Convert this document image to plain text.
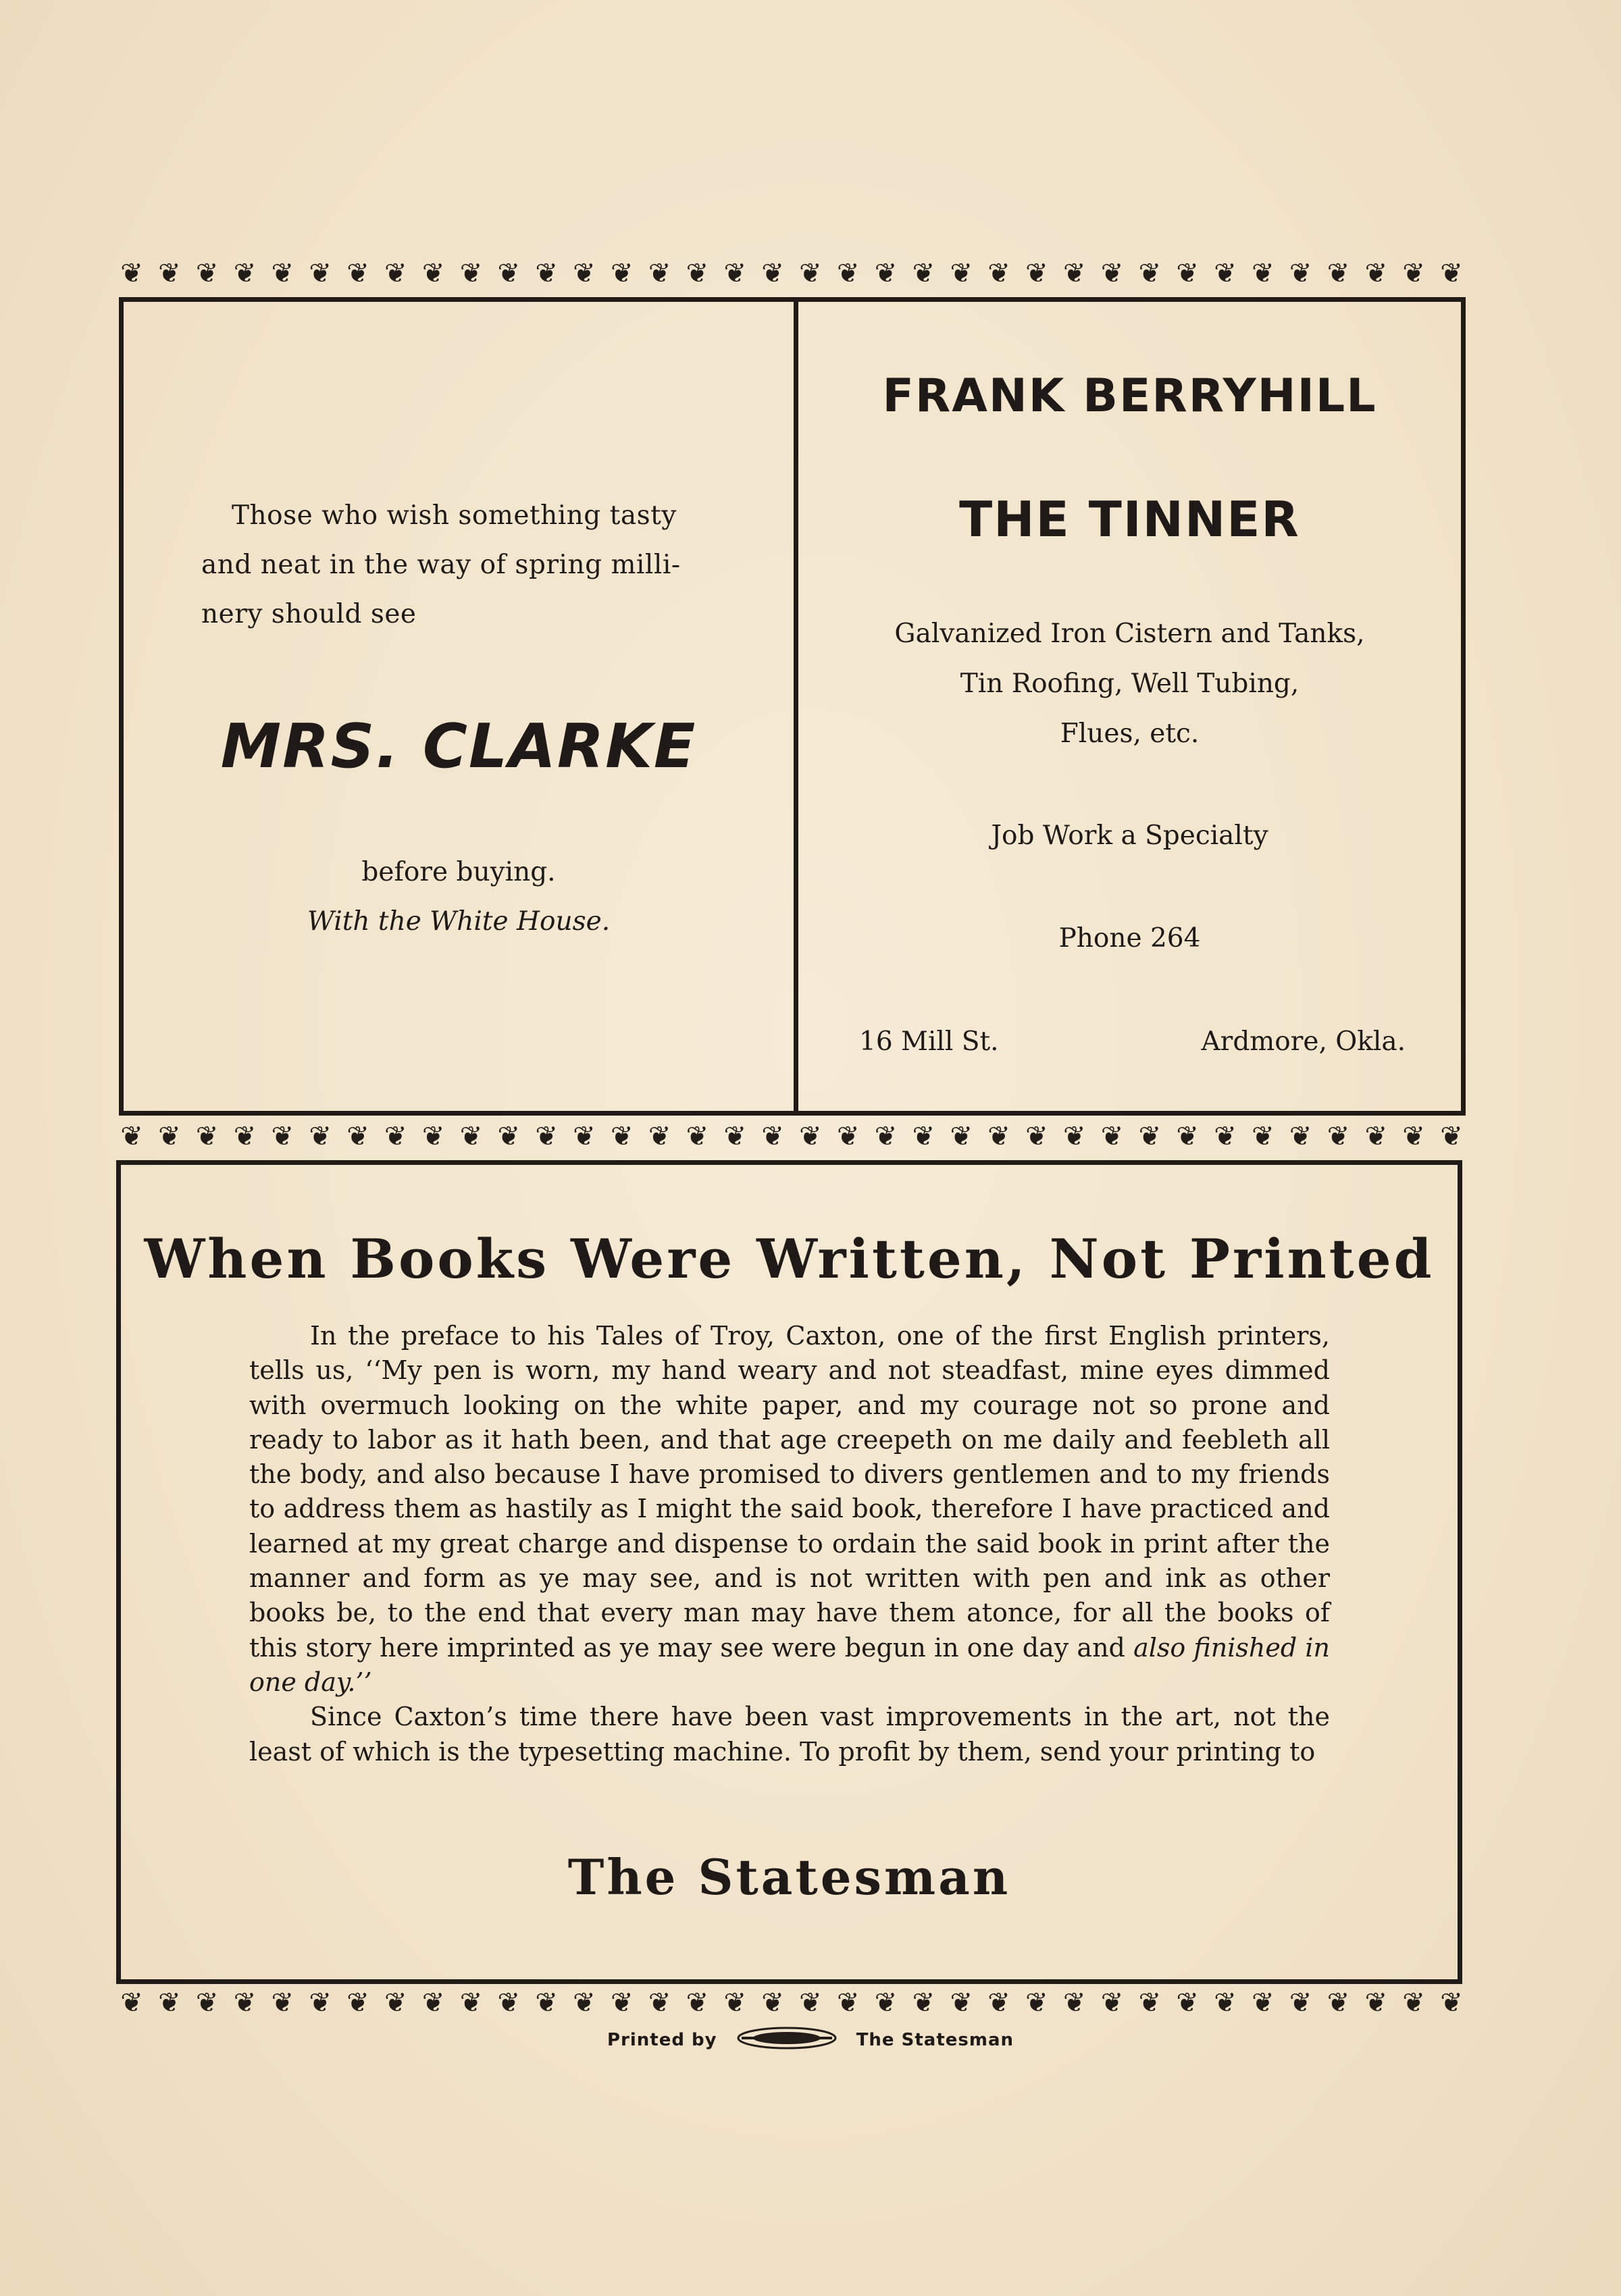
❦ ❦ ❦ ❦ ❦ ❦ ❦ ❦ ❦ ❦ ❦ ❦ ❦ ❦ ❦ ❦ ❦ ❦ ❦ ❦ ❦ ❦ ❦ ❦ ❦ ❦ ❦ ❦ ❦ ❦ ❦ ❦ ❦ ❦ ❦ ❦
❦ ❦ ❦ ❦ ❦ ❦ ❦ ❦ ❦ ❦ ❦ ❦ ❦ ❦ ❦ ❦ ❦ ❦ ❦ ❦ ❦ ❦ ❦ ❦ ❦ ❦ ❦ ❦ ❦ ❦ ❦ ❦ ❦ ❦ ❦ ❦
❦ ❦ ❦ ❦ ❦ ❦ ❦ ❦ ❦ ❦ ❦ ❦ ❦ ❦ ❦ ❦ ❦ ❦ ❦ ❦ ❦ ❦ ❦ ❦ ❦ ❦ ❦ ❦ ❦ ❦ ❦ ❦ ❦ ❦ ❦ ❦
Those who wish something tasty
and neat in the way of spring milli-
nery should see
MRS. CLARKE
before buying.
With the White House.
FRANK BERRYHILL
THE TINNER
Galvanized Iron Cistern and Tanks,
Tin Roofing, Well Tubing,
Flues, etc.
Job Work a Specialty
Phone 264
16 Mill St.	Ardmore, Okla.
When Books Were Written, Not Printed

In the preface to his Tales of Troy, Caxton, one of the first English printers, tells us, ‘‘My pen is worn, my hand weary and not steadfast, mine eyes dimmed with overmuch looking on the white paper, and my courage not so prone and ready to labor as it hath been, and that age creepeth on me daily and feebleth all the body, and also because I have promised to divers gentlemen and to my friends to address them as hastily as I might the said book, therefore I have practiced and learned at my great charge and dispense to ordain the said book in print after the manner and form as ye may see, and is not written with pen and ink as other books be, to the end that every man may have them atonce, for all the books of this story here imprinted as ye may see were begun in one day and also finished in one day.’’

Since Caxton’s time there have been vast improvements in the art, not the least of which is the typesetting machine. To profit by them, send your printing to

The Statesman
Printed by	The Statesman
